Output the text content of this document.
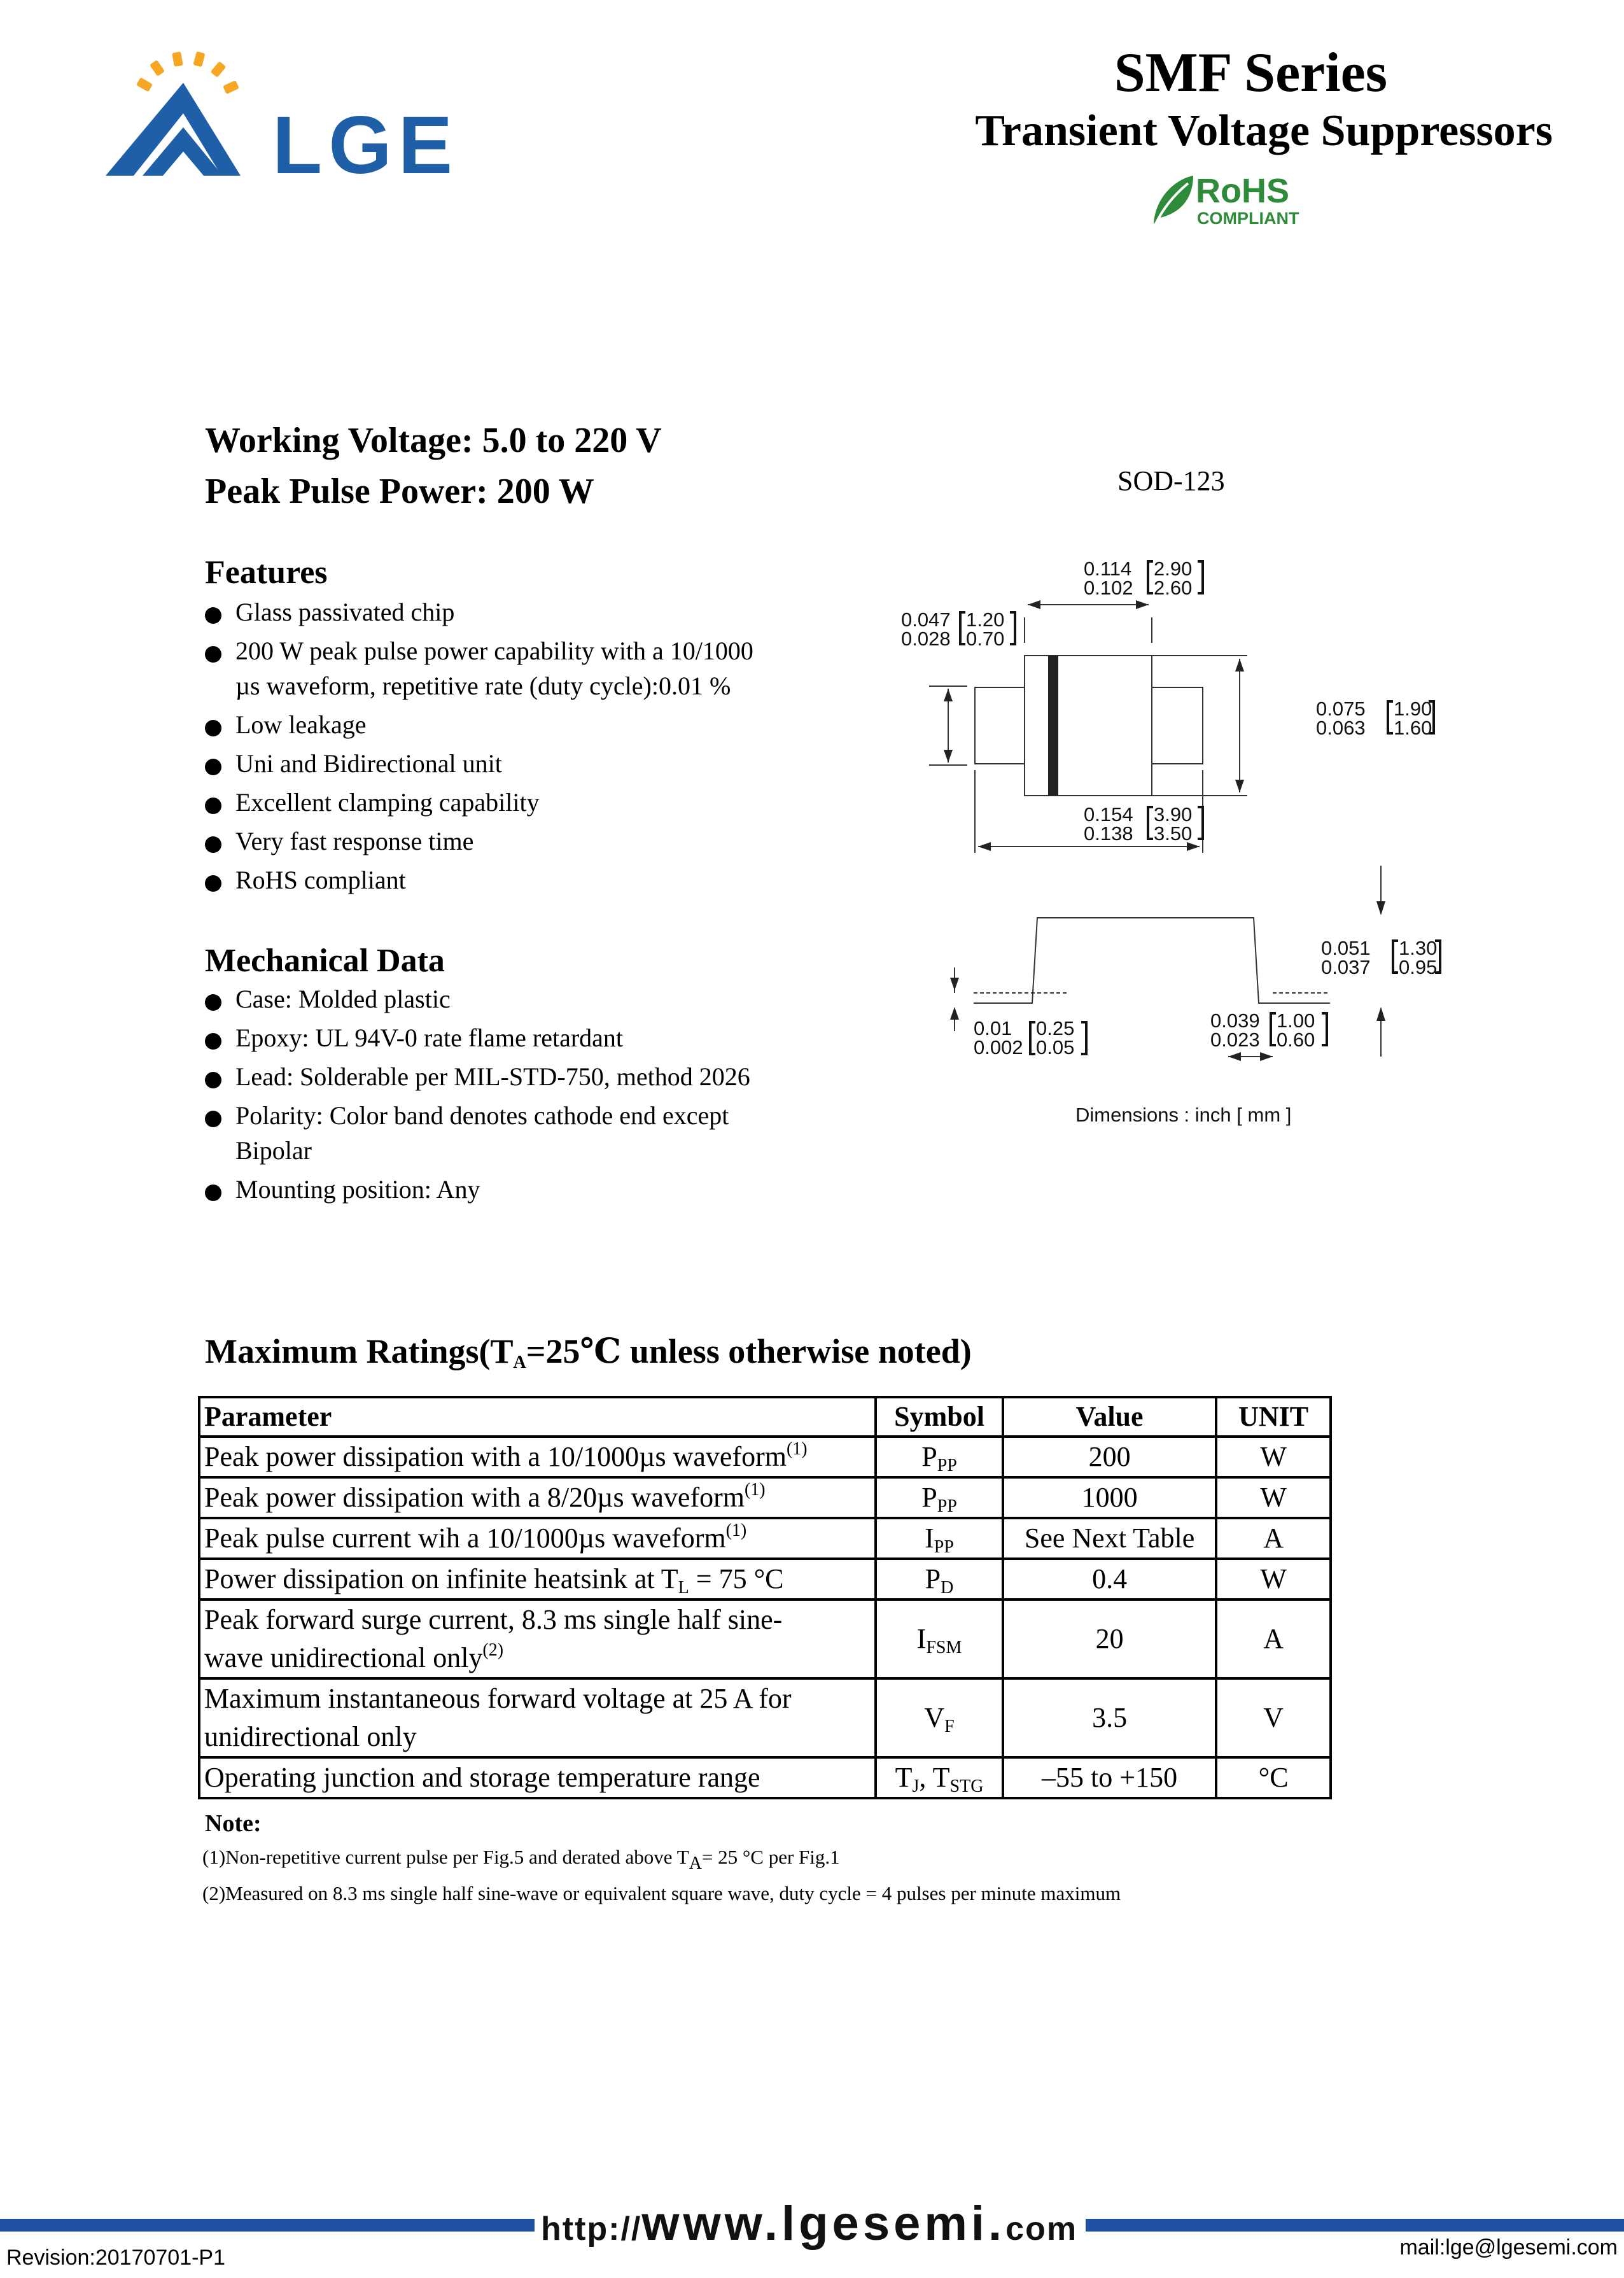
LGE
SMF Series
Transient Voltage Suppressors
RoHS
COMPLIANT
Working Voltage: 5.0 to 220 V
Peak Pulse Power: 200 W
Features
Glass passivated chip
200 W peak pulse power capability with a 10/1000 µs waveform, repetitive rate (duty cycle):0.01 %
Low leakage
Uni and Bidirectional unit
Excellent clamping capability
Very fast response time
RoHS compliant
Mechanical Data
Case: Molded plastic
Epoxy: UL 94V-0 rate flame retardant
Lead: Solderable per MIL-STD-750, method 2026
Polarity: Color band denotes cathode end except Bipolar
Mounting position: Any
SOD-123
0.114
0.102
2.90
2.60
0.047
0.028
1.20
0.70
0.075
0.063
1.90
1.60
0.154
0.138
3.90
3.50
0.051
0.037
1.30
0.95
0.01
0.002
0.25
0.05
0.039
0.023
1.00
0.60
Dimensions : inch [ mm ]
Maximum $Ratings(T_A=25℃$ unless otherwise noted)
Parameter	Symbol	Value	UNIT
Peak power dissipation with a 10/1000µs waveform$^{(1)}$	$P_{PP}$	200	W
Peak power dissipation with a 8/20µs waveform$^{(1)}$	$P_{PP}$	1000	W
Peak pulse current wih a 10/1000µs waveform$^{(1)}$	$I_{PP}$	See Next Table	A
Power dissipation on infinite heatsink at $T_L = 75$ °C	$P_D$	0.4	W
Peak forward surge current, 8.3 ms single half sine-
wave unidirectional only$^{(2)}$	$I_{FSM}$	20	A
Maximum instantaneous forward voltage at 25 A for
unidirectional only	$V_F$	3.5	V
Operating junction and storage temperature range	$T_J$, $T_{STG}$	–55 to +150	°C
Note:
(1)Non-repetitive current pulse per Fig.5 and derated above $T_A= 25$ °C per Fig.1
(2)Measured on 8.3 ms single half sine-wave or equivalent square wave, duty cycle = 4 pulses per minute maximum
http://www.lgesemi.com
Revision:20170701-P1	mail:lge@lgesemi.com
